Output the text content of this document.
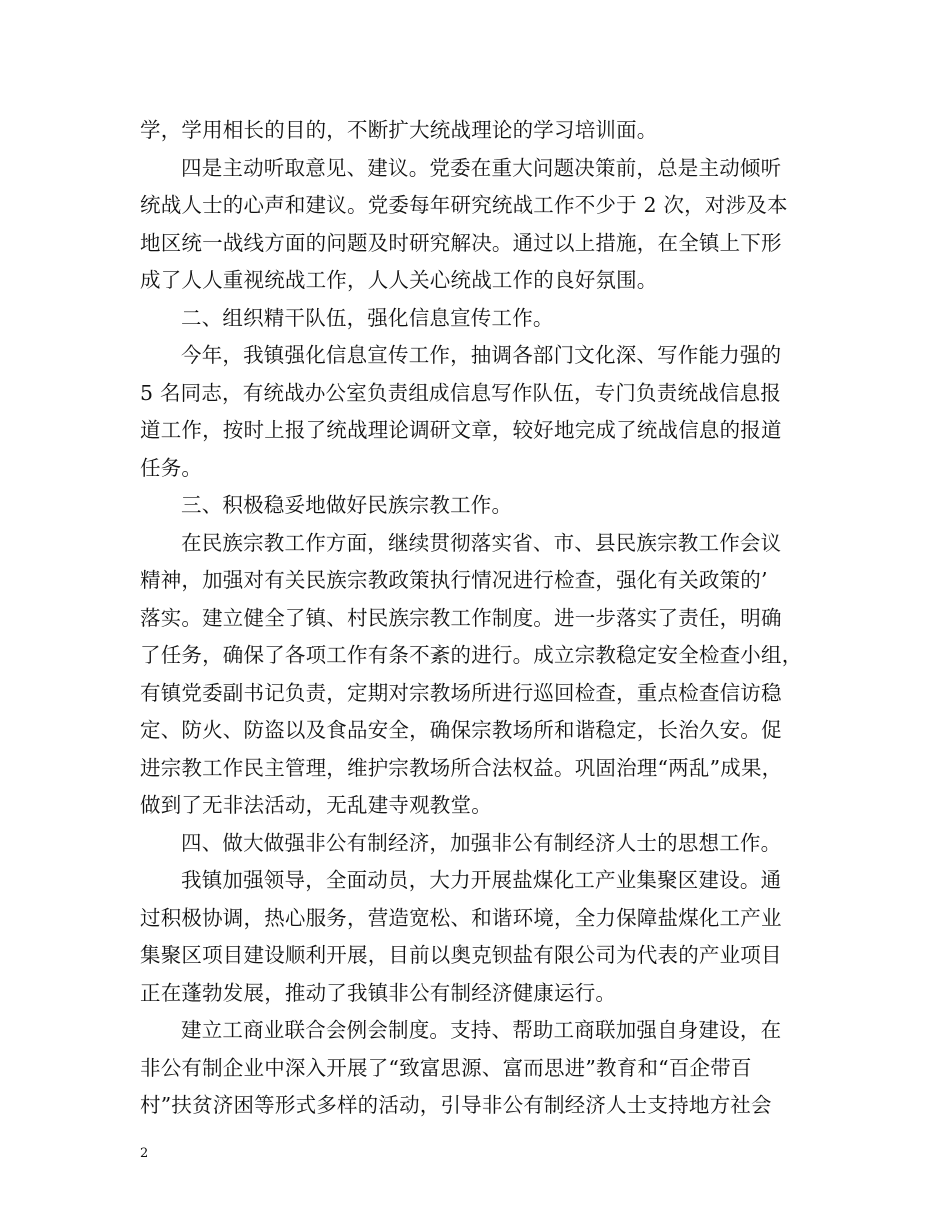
学，学用相长的目的，不断扩大统战理论的学习培训面。
四是主动听取意见、建议。党委在重大问题决策前，总是主动倾听
统战人士的心声和建议。党委每年研究统战工作不少于 2 次，对涉及本
地区统一战线方面的问题及时研究解决。通过以上措施，在全镇上下形
成了人人重视统战工作，人人关心统战工作的良好氛围。
二、组织精干队伍，强化信息宣传工作。
今年，我镇强化信息宣传工作，抽调各部门文化深、写作能力强的
5 名同志，有统战办公室负责组成信息写作队伍，专门负责统战信息报
道工作，按时上报了统战理论调研文章，较好地完成了统战信息的报道
任务。
三、积极稳妥地做好民族宗教工作。
在民族宗教工作方面，继续贯彻落实省、市、县民族宗教工作会议
精神，加强对有关民族宗教政策执行情况进行检查，强化有关政策的’
落实。建立健全了镇、村民族宗教工作制度。进一步落实了责任，明确
了任务，确保了各项工作有条不紊的进行。成立宗教稳定安全检查小组，
有镇党委副书记负责，定期对宗教场所进行巡回检查，重点检查信访稳
定、防火、防盗以及食品安全，确保宗教场所和谐稳定，长治久安。促
进宗教工作民主管理，维护宗教场所合法权益。巩固治理“两乱”成果，
做到了无非法活动，无乱建寺观教堂。
四、做大做强非公有制经济，加强非公有制经济人士的思想工作。
我镇加强领导，全面动员，大力开展盐煤化工产业集聚区建设。通
过积极协调，热心服务，营造宽松、和谐环境，全力保障盐煤化工产业
集聚区项目建设顺利开展，目前以奥克钡盐有限公司为代表的产业项目
正在蓬勃发展，推动了我镇非公有制经济健康运行。
建立工商业联合会例会制度。支持、帮助工商联加强自身建设，在
非公有制企业中深入开展了“致富思源、富而思进”教育和“百企带百
村”扶贫济困等形式多样的活动，引导非公有制经济人士支持地方社会
2
